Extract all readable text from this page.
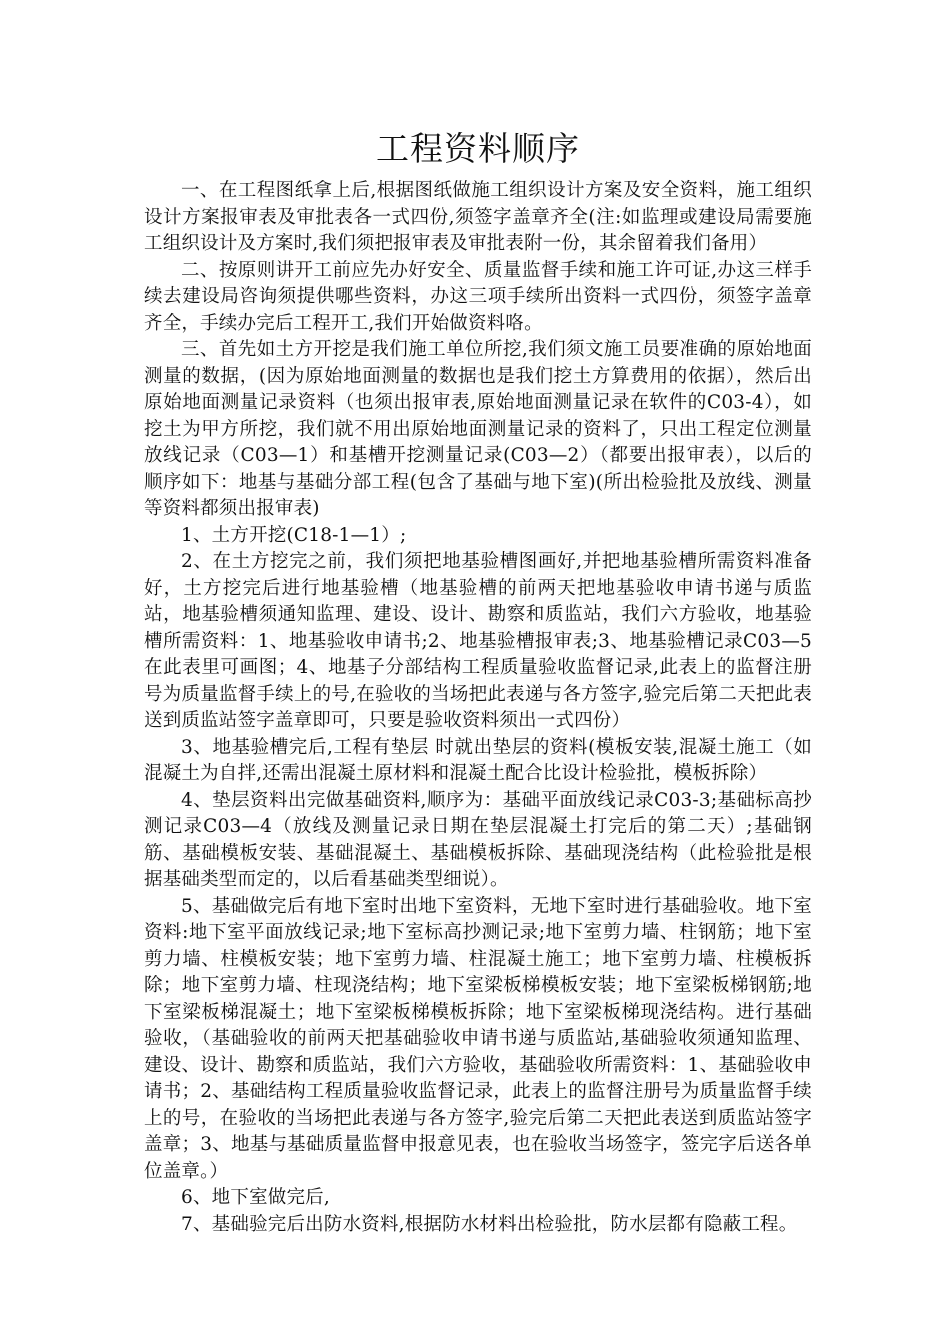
工程资料顺序

一、在工程图纸拿上后,根据图纸做施工组织设计方案及安全资料，施工组织设计方案报审表及审批表各一式四份,须签字盖章齐全(注:如监理或建设局需要施工组织设计及方案时,我们须把报审表及审批表附一份，其余留着我们备用）

二、按原则讲开工前应先办好安全、质量监督手续和施工许可证,办这三样手续去建设局咨询须提供哪些资料，办这三项手续所出资料一式四份，须签字盖章齐全，手续办完后工程开工,我们开始做资料咯。

三、首先如土方开挖是我们施工单位所挖,我们须文施工员要准确的原始地面测量的数据，(因为原始地面测量的数据也是我们挖土方算费用的依据），然后出原始地面测量记录资料（也须出报审表,原始地面测量记录在软件的C03-4），如挖土为甲方所挖，我们就不用出原始地面测量记录的资料了，只出工程定位测量放线记录（C03—1）和基槽开挖测量记录(C03—2）（都要出报审表），以后的顺序如下：地基与基础分部工程(包含了基础与地下室)(所出检验批及放线、测量等资料都须出报审表)

1、土方开挖(C18-1—1）;

2、在土方挖完之前，我们须把地基验槽图画好,并把地基验槽所需资料准备好，土方挖完后进行地基验槽（地基验槽的前两天把地基验收申请书递与质监站，地基验槽须通知监理、建设、设计、勘察和质监站，我们六方验收，地基验槽所需资料：1、地基验收申请书;2、地基验槽报审表;3、地基验槽记录C03—5在此表里可画图；4、地基子分部结构工程质量验收监督记录,此表上的监督注册号为质量监督手续上的号,在验收的当场把此表递与各方签字,验完后第二天把此表送到质监站签字盖章即可，只要是验收资料须出一式四份）

3、地基验槽完后,工程有垫层 时就出垫层的资料(模板安装,混凝土施工（如混凝土为自拌,还需出混凝土原材料和混凝土配合比设计检验批，模板拆除）

4、垫层资料出完做基础资料,顺序为：基础平面放线记录C03-3;基础标高抄测记录C03—4（放线及测量记录日期在垫层混凝土打完后的第二天）;基础钢筋、基础模板安装、基础混凝土、基础模板拆除、基础现浇结构（此检验批是根据基础类型而定的，以后看基础类型细说）。

5、基础做完后有地下室时出地下室资料，无地下室时进行基础验收。地下室资料:地下室平面放线记录;地下室标高抄测记录;地下室剪力墙、柱钢筋；地下室剪力墙、柱模板安装；地下室剪力墙、柱混凝土施工；地下室剪力墙、柱模板拆除；地下室剪力墙、柱现浇结构；地下室梁板梯模板安装；地下室梁板梯钢筋;地下室梁板梯混凝土；地下室梁板梯模板拆除；地下室梁板梯现浇结构。进行基础验收，（基础验收的前两天把基础验收申请书递与质监站,基础验收须通知监理、建设、设计、勘察和质监站，我们六方验收，基础验收所需资料：1、基础验收申请书；2、基础结构工程质量验收监督记录，此表上的监督注册号为质量监督手续上的号，在验收的当场把此表递与各方签字,验完后第二天把此表送到质监站签字盖章；3、地基与基础质量监督申报意见表，也在验收当场签字，签完字后送各单位盖章。）

6、地下室做完后,

7、基础验完后出防水资料,根据防水材料出检验批，防水层都有隐蔽工程。
